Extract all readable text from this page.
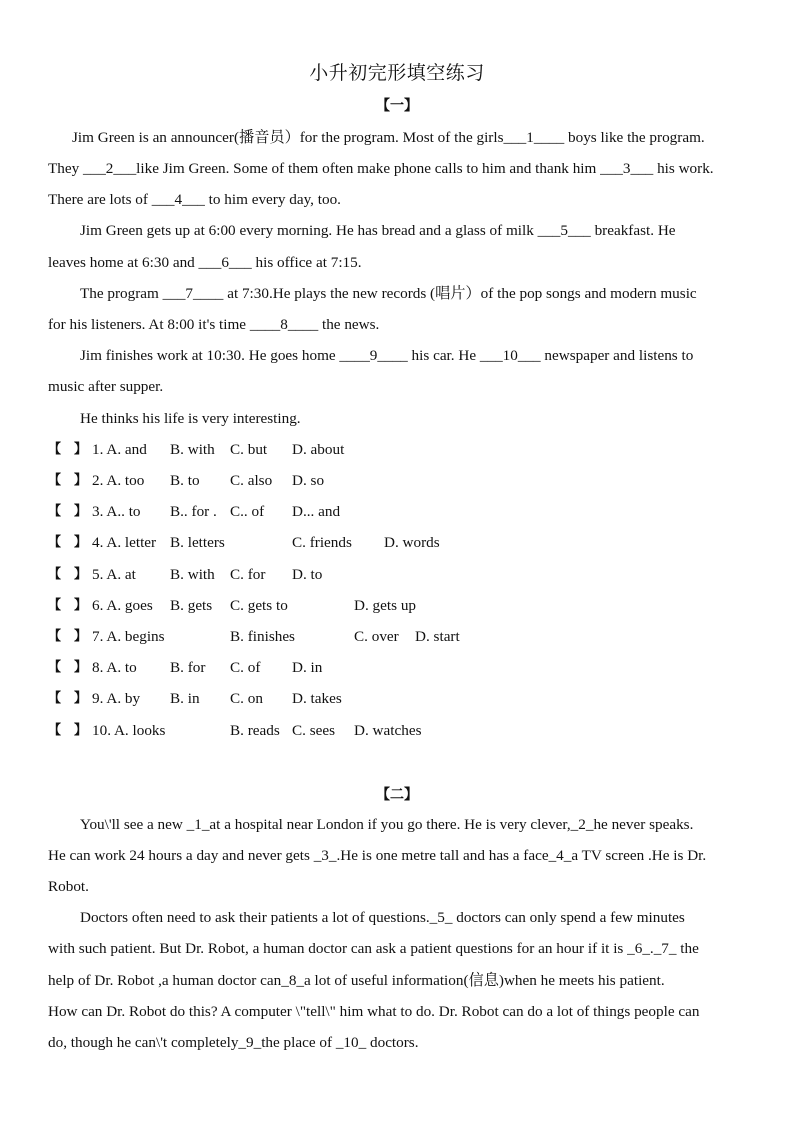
小升初完形填空练习
【一】
Jim Green is an announcer(播音员）for the program. Most of the girls___1____ boys like the program.
They ___2___like Jim Green. Some of them often make phone calls to him and thank him ___3___ his work.
There are lots of ___4___ to him every day, too.
Jim Green gets up at 6:00 every morning. He has bread and a glass of milk ___5___ breakfast. He
leaves home at 6:30 and ___6___ his office at 7:15.
The program ___7____ at 7:30.He plays the new records (唱片）of the pop songs and modern music
for his listeners. At 8:00 it's time ____8____ the news.
Jim finishes work at 10:30. He goes home ____9____ his car. He ___10___ newspaper and listens to
music after supper.
He thinks his life is very interesting.
【　】 1. A. and B. with C. but D. about
【　】 2. A. too B. to C. also D. so
【　】 3. A.. to B.. for . C.. of D... and
【　】 4. A. letter B. letters	C. friends D. words
【　】 5. A. at B. with C. for D. to
【　】 6. A. goes B. gets C. gets to	D. gets up
【　】 7. A. begins	B. finishes	C. over D. start
【　】 8. A. to B. for C. of D. in
【　】 9. A. by B. in C. on D. takes
【　】 10. A. looks	B. reads C. sees D. watches
【二】
You\'ll see a new _1_at a hospital near London if you go there. He is very clever,_2_he never speaks.
He can work 24 hours a day and never gets _3_.He is one metre tall and has a face_4_a TV screen .He is Dr.
Robot.
Doctors often need to ask their patients a lot of questions._5_ doctors can only spend a few minutes
with such patient. But Dr. Robot, a human doctor can ask a patient questions for an hour if it is _6_._7_ the
help of Dr. Robot ,a human doctor can_8_a lot of useful information(信息)when he meets his patient.
How can Dr. Robot do this? A computer \"tell\" him what to do. Dr. Robot can do a lot of things people can
do, though he can\'t completely_9_the place of _10_ doctors.
